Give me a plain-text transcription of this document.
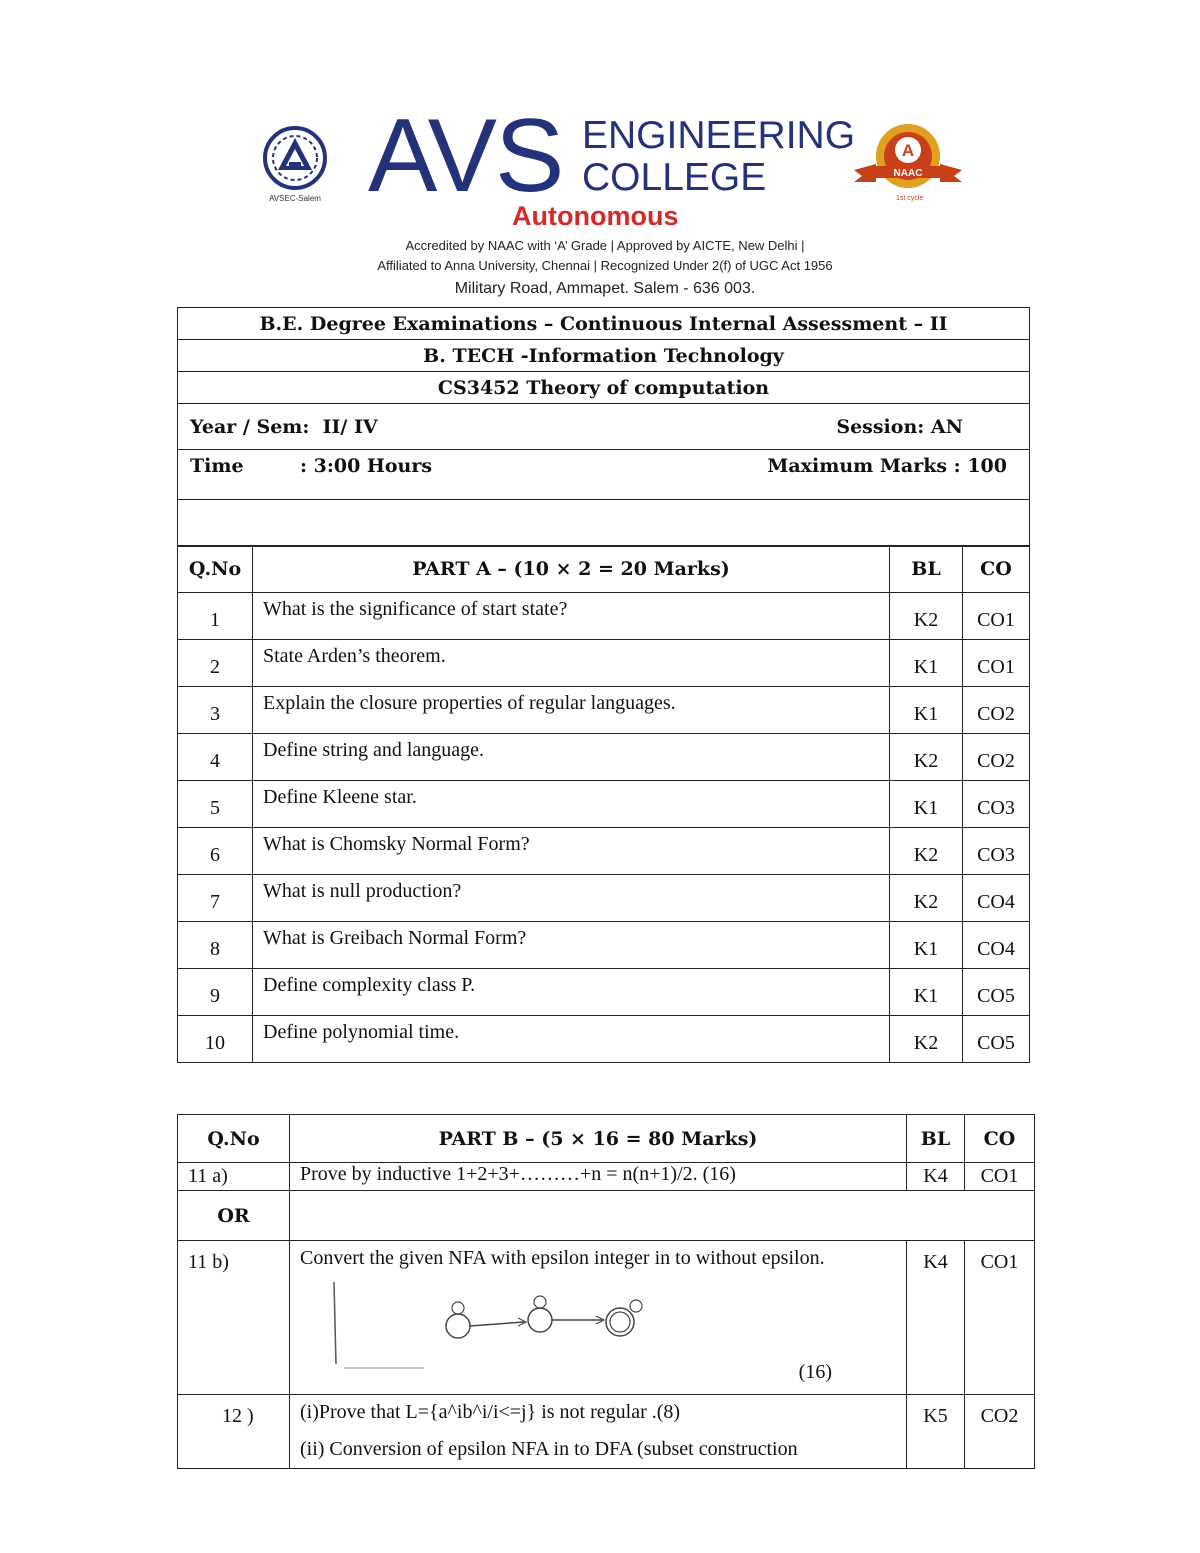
AVSEC-Salem AVS ENGINEERING
COLLEGE
Autonomous
A
NAAC
1st cycle
Accredited by NAAC with ‘A’ Grade | Approved by AICTE, New Delhi |
Affiliated to Anna University, Chennai | Recognized Under 2(f) of UGC Act 1956
Military Road, Ammapet. Salem - 636 003.
B.E. Degree Examinations – Continuous Internal Assessment – II
B. TECH -Information Technology
CS3452 Theory of computation

Year / Sem: II/ IV	Session: AN

Time	: 3:00 Hours	Maximum Marks : 100

Q.No	PART A – (10 × 2 = 20 Marks)	BL	CO
1	What is the significance of start state?	K2	CO1
2	State Arden’s theorem.	K1	CO1
3	Explain the closure properties of regular languages.	K1	CO2
4	Define string and language.	K2	CO2
5	Define Kleene star.	K1	CO3
6	What is Chomsky Normal Form?	K2	CO3
7	What is null production?	K2	CO4
8	What is Greibach Normal Form?	K1	CO4
9	Define complexity class P.	K1	CO5
10	Define polynomial time.	K2	CO5
Q.No	PART B – (5 × 16 = 80 Marks)	BL	CO
11 a)	Prove by inductive 1+2+3+………+n = n(n+1)/2. (16)	K4	CO1
OR			
11 b)	Convert the given NFA with epsilon integer in to without epsilon.
(16)	K4	CO1
12 )	(i)Prove that L={a^ib^i/i<=j} is not regular .(8)
(ii) Conversion of epsilon NFA in to DFA (subset construction	K5	CO2
